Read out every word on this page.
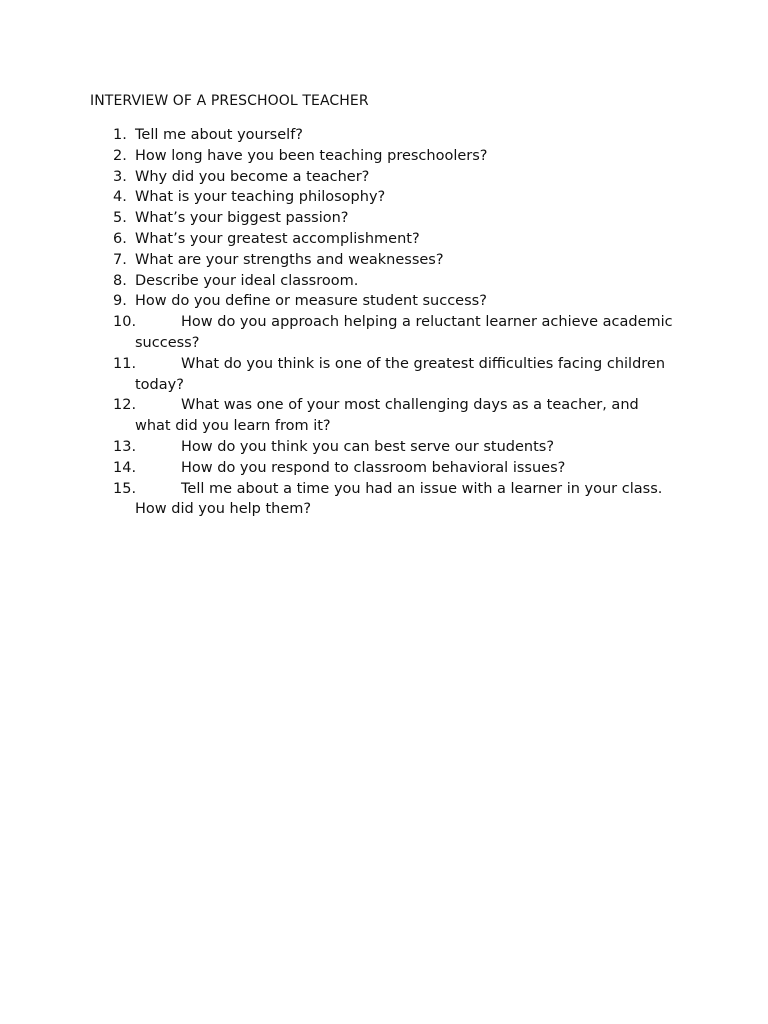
INTERVIEW OF A PRESCHOOL TEACHER
1. Tell me about yourself?
2. How long have you been teaching preschoolers?
3. Why did you become a teacher?
4. What is your teaching philosophy?
5. What’s your biggest passion?
6. What’s your greatest accomplishment?
7. What are your strengths and weaknesses?
8. Describe your ideal classroom.
9. How do you define or measure student success?
10.	How do you approach helping a reluctant learner achieve academic success?
11.	What do you think is one of the greatest difficulties facing children today?
12.	What was one of your most challenging days as a teacher, and what did you learn from it?
13.	How do you think you can best serve our students?
14.	How do you respond to classroom behavioral issues?
15.	Tell me about a time you had an issue with a learner in your class. How did you help them?
